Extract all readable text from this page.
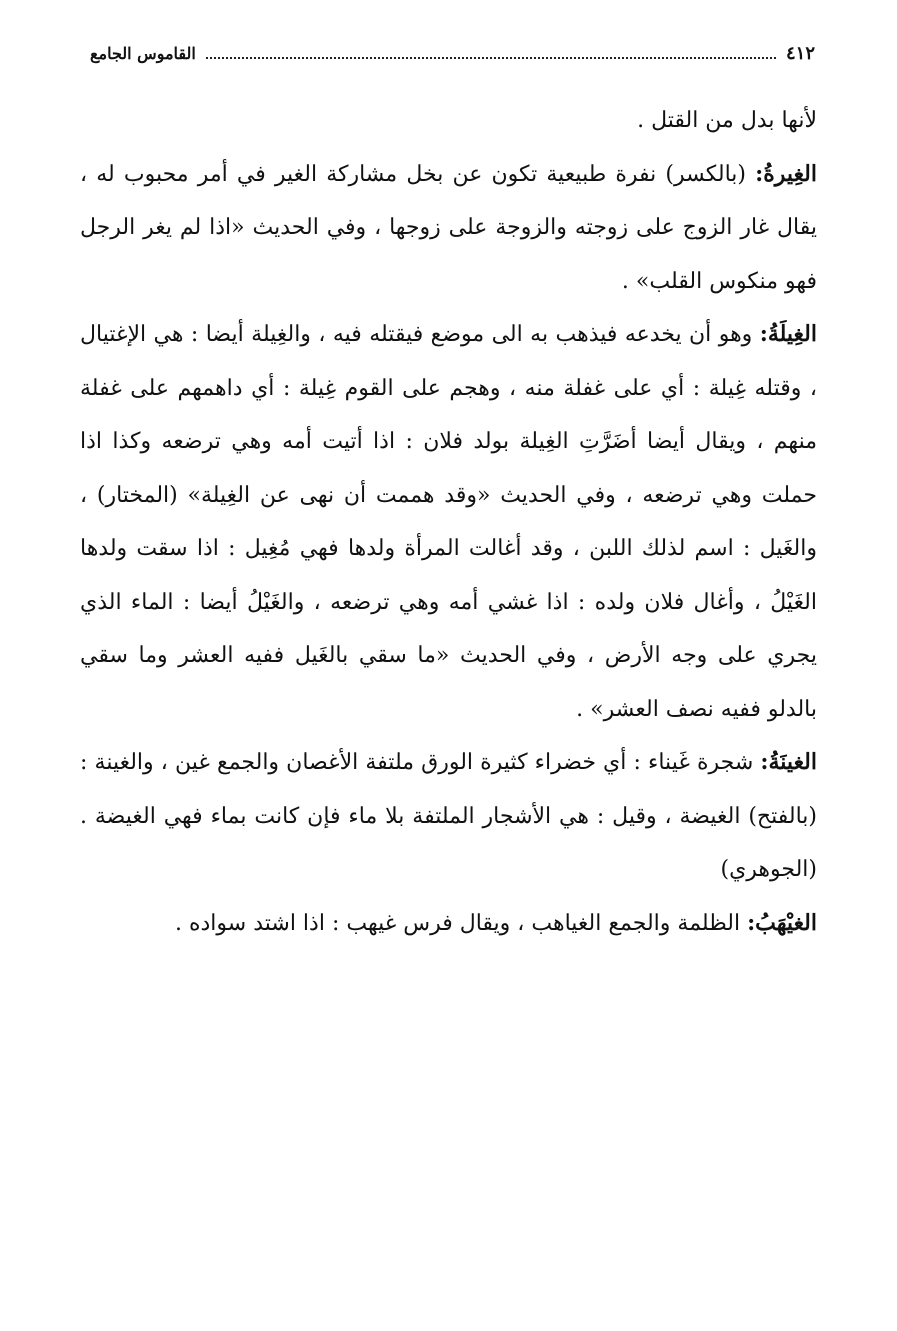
٤١٢
القاموس الجامع

لأنها بدل من القتل .

الغِيرةُ: (بالكسر) نفرة طبيعية تكون عن بخل مشاركة الغير في أمر محبوب له ، يقال غار الزوج على زوجته والزوجة على زوجها ، وفي الحديث «اذا لم يغر الرجل فهو منكوس القلب» .

الغِيلَةُ: وهو أن يخدعه فيذهب به الى موضع فيقتله فيه ، والغِيلة أيضا : هي الإغتيال ، وقتله غِيلة : أي على غفلة منه ، وهجم على القوم غِيلة : أي داهمهم على غفلة منهم ، ويقال أيضا أضَرَّتِ الغِيلة بولد فلان : اذا أتيت أمه وهي ترضعه وكذا اذا حملت وهي ترضعه ، وفي الحديث «وقد هممت أن نهى عن الغِيلة» (المختار) ، والغَيل : اسم لذلك اللبن ، وقد أغالت المرأة ولدها فهي مُغِيل : اذا سقت ولدها الغَيْلُ ، وأغال فلان ولده : اذا غشي أمه وهي ترضعه ، والغَيْلُ أيضا : الماء الذي يجري على وجه الأرض ، وفي الحديث «ما سقي بالغَيل ففيه العشر وما سقي بالدلو ففيه نصف العشر» .

الغينَةُ: شجرة غَيناء : أي خضراء كثيرة الورق ملتفة الأغصان والجمع غين ، والغينة : (بالفتح) الغيضة ، وقيل : هي الأشجار الملتفة بلا ماء فإن كانت بماء فهي الغيضة . (الجوهري)

الغيْهَبُ: الظلمة والجمع الغياهب ، ويقال فرس غيهب : اذا اشتد سواده .
